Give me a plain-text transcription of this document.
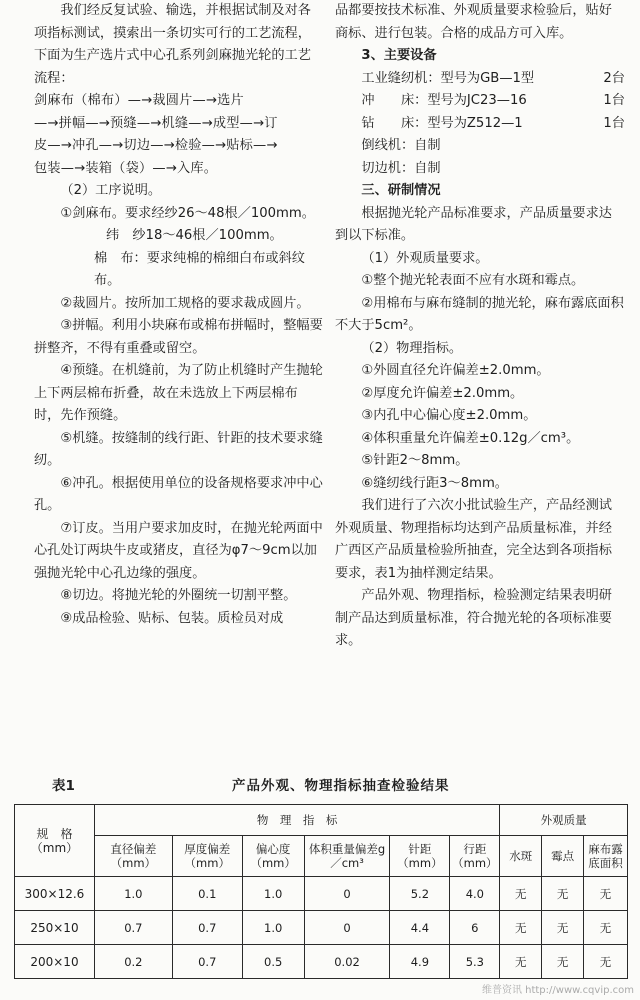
我们经反复试验、输选，并根据试制及对各项指标测试，摸索出一条切实可行的工艺流程，下面为生产选片式中心孔系列剑麻抛光轮的工艺流程：

剑麻布（棉布）—→裁圆片—→选片

—→拼幅—→预缝—→机缝—→成型—→订

皮—→冲孔—→切边—→检验—→贴标—→

包装—→装箱（袋）—→入库。

（2）工序说明。

①剑麻布。要求经纱26～48根／100mm。

纬　纱18～46根／100mm。

棉　布：要求纯棉的棉细白布或斜纹布。

②裁圆片。按所加工规格的要求裁成圆片。

③拼幅。利用小块麻布或棉布拼幅时，整幅要拼整齐，不得有重叠或留空。

④预缝。在机缝前，为了防止机缝时产生抛轮上下两层棉布折叠，故在未选放上下两层棉布时，先作预缝。

⑤机缝。按缝制的线行距、针距的技术要求缝纫。

⑥冲孔。根据使用单位的设备规格要求冲中心孔。

⑦订皮。当用户要求加皮时，在抛光轮两面中心孔处订两块牛皮或猪皮，直径为φ7～9cm以加强抛光轮中心孔边缘的强度。

⑧切边。将抛光轮的外圈统一切割平整。

⑨成品检验、贴标、包装。质检员对成

品都要按技术标准、外观质量要求检验后，贴好商标、进行包装。合格的成品方可入库。

3、主要设备

工业缝纫机：型号为GB—1型	2台

冲　　床：型号为JC23—16	1台

钻　　床：型号为Z512—1	1台

倒线机：自制

切边机：自制

三、研制情况

根据抛光轮产品标准要求，产品质量要求达到以下标准。

（1）外观质量要求。

①整个抛光轮表面不应有水斑和霉点。

②用棉布与麻布缝制的抛光轮，麻布露底面积不大于5cm²。

（2）物理指标。

①外圆直径允许偏差±2.0mm。

②厚度允许偏差±2.0mm。

③内孔中心偏心度±2.0mm。

④体积重量允许偏差±0.12g／cm³。

⑤针距2～8mm。

⑥缝纫线行距3～8mm。

我们进行了六次小批试验生产，产品经测试外观质量、物理指标均达到产品质量标准，并经广西区产品质量检验所抽查，完全达到各项指标要求，表1为抽样测定结果。

产品外观、物理指标，检验测定结果表明研制产品达到质量标准，符合抛光轮的各项标准要求。

表1	产品外观、物理指标抽查检验结果
规　格
（mm）	物　理　指　标						外观质量		
	直径偏差（mm）	厚度偏差（mm）	偏心度（mm）	体积重量偏差g／cm³	针距（mm）	行距（mm）	水斑	霉点	麻布露底面积
300×12.6	1.0	0.1	1.0	0	5.2	4.0	无	无	无
250×10	0.7	0.7	1.0	0	4.4	6	无	无	无
200×10	0.2	0.7	0.5	0.02	4.9	5.3	无	无	无
维普资讯 http://www.cqvip.com
